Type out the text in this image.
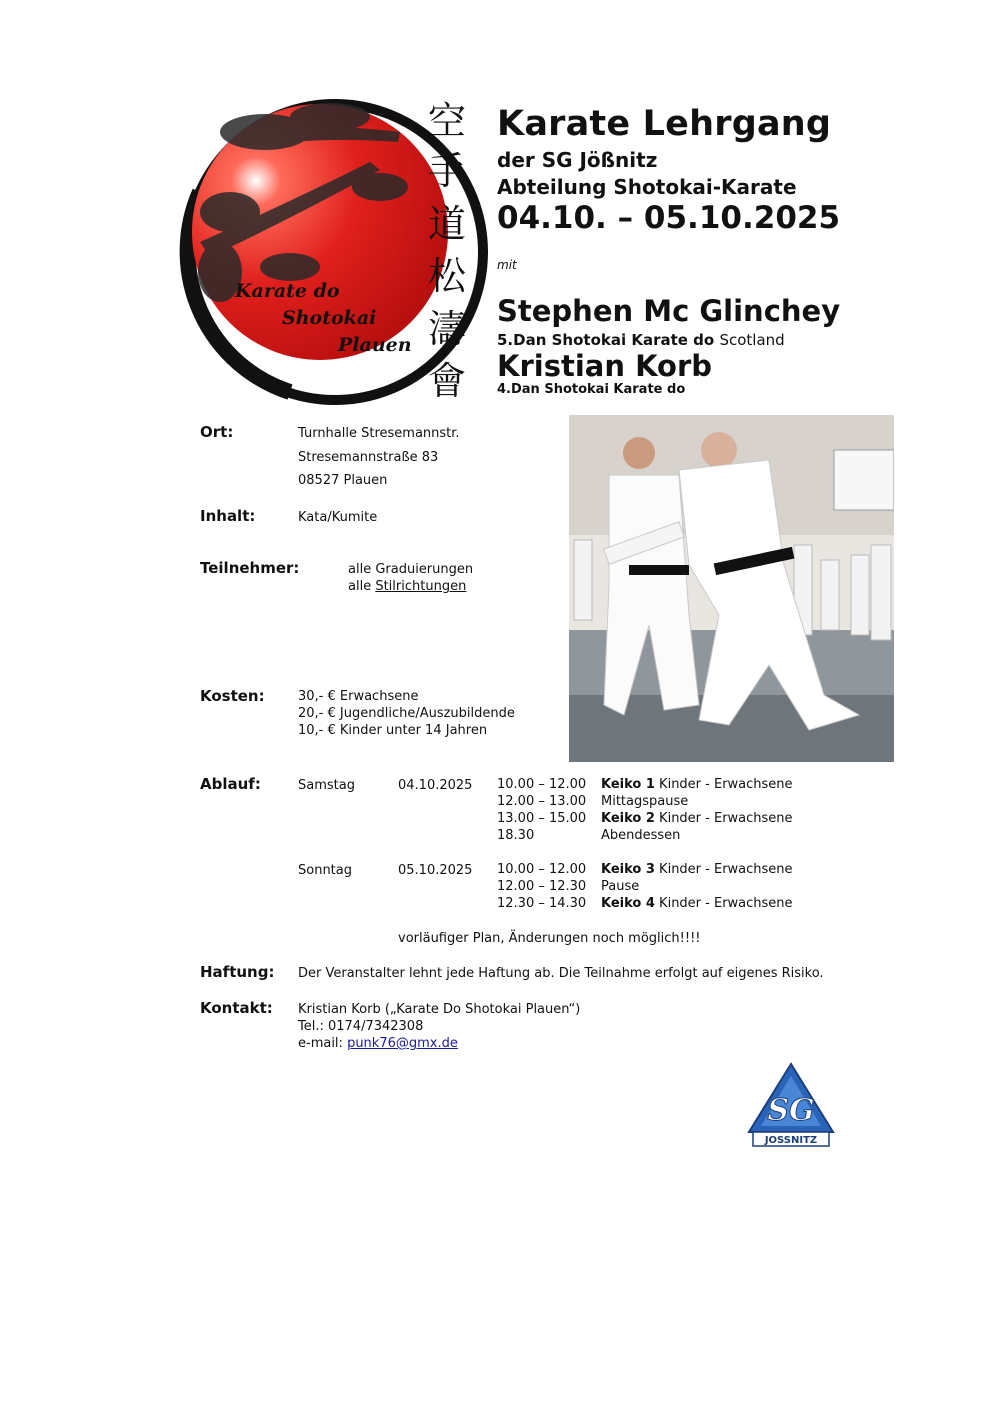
Karate do
Shotokai
Plauen
空
手
道
松
濤
會
Karate Lehrgang
der SG Jößnitz
Abteilung Shotokai-Karate
04.10. – 05.10.2025
mit
Stephen Mc Glinchey
5.Dan Shotokai Karate do Scotland
Kristian Korb
4.Dan Shotokai Karate do
Ort:	Turnhalle Stresemannstr.
Stresemannstraße 83
08527 Plauen
Inhalt:	Kata/Kumite
Teilnehmer:	alle Graduierungen
alle Stilrichtungen
Kosten:	30,- € Erwachsene
20,- € Jugendliche/Auszubildende
10,- € Kinder unter 14 Jahren
Ablauf:	Samstag	04.10.2025 10.00 – 12.00 Keiko 1 Kinder - Erwachsene
12.00 – 13.00 Mittagspause
13.00 – 15.00 Keiko 2 Kinder - Erwachsene
18.30	Abendessen
Sonntag	05.10.2025 10.00 – 12.00 Keiko 3 Kinder - Erwachsene
12.00 – 12.30 Pause
12.30 – 14.30 Keiko 4 Kinder - Erwachsene
vorläufiger Plan, Änderungen noch möglich!!!!
Haftung: Der Veranstalter lehnt jede Haftung ab. Die Teilnahme erfolgt auf eigenes Risiko.
Kontakt: Kristian Korb („Karate Do Shotokai Plauen“)
Tel.: 0174/7342308
e-mail: punk76@gmx.de
SG
JOSSNITZ
